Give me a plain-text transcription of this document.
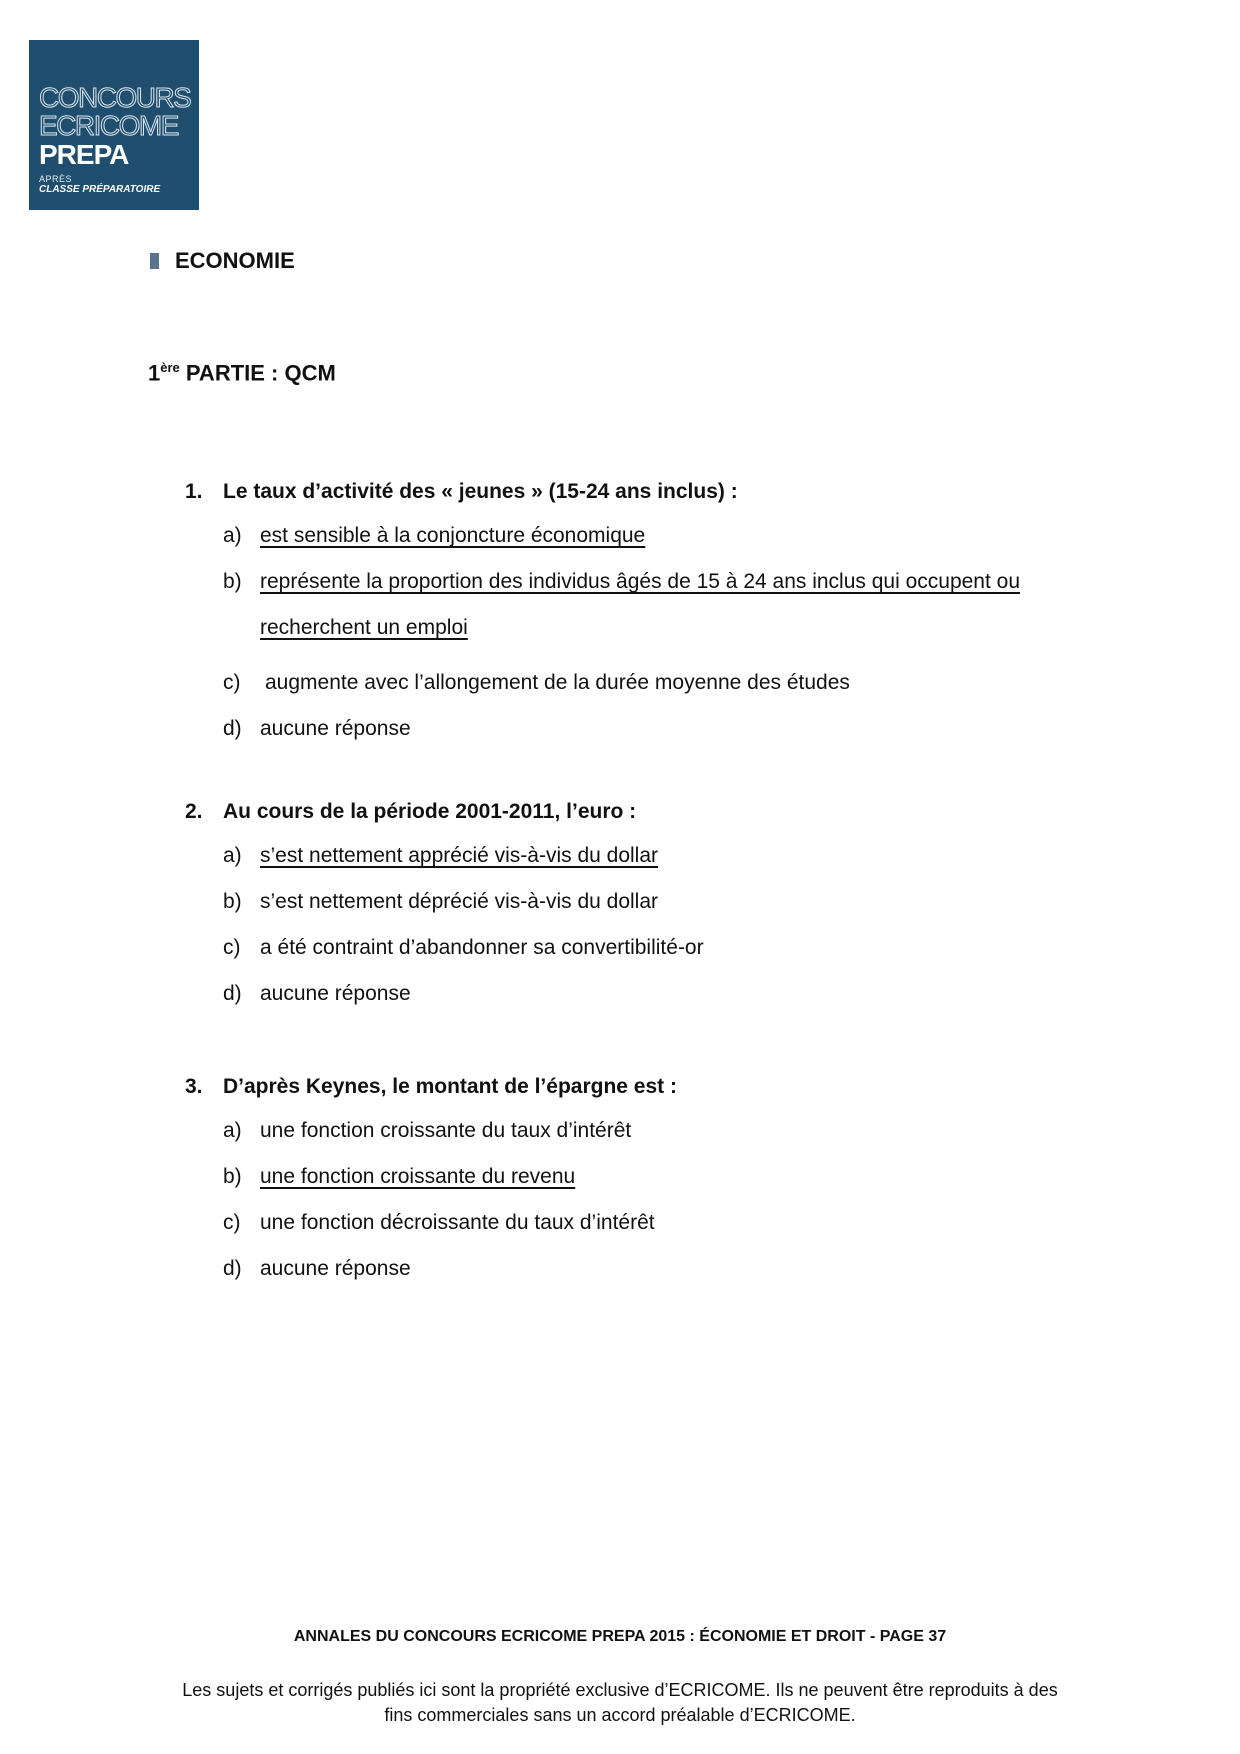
CONCOURS
ECRICOME
PREPA
APRÈS
CLASSE PRÉPARATOIRE
ECONOMIE
1ère PARTIE : QCM
1. Le taux d’activité des « jeunes » (15-24 ans inclus) :
a) est sensible à la conjoncture économique
b) représente la proportion des individus âgés de 15 à 24 ans inclus qui occupent ou recherchent un emploi
c)	augmente avec l’allongement de la durée moyenne des études
d) aucune réponse
2. Au cours de la période 2001-2011, l’euro :
a) s’est nettement apprécié vis-à-vis du dollar
b) s’est nettement déprécié vis-à-vis du dollar
c) a été contraint d’abandonner sa convertibilité-or
d) aucune réponse
3. D’après Keynes, le montant de l’épargne est :
a) une fonction croissante du taux d’intérêt
b) une fonction croissante du revenu
c) une fonction décroissante du taux d’intérêt
d) aucune réponse
ANNALES DU CONCOURS ECRICOME PREPA 2015 : ÉCONOMIE ET DROIT - PAGE 37
Les sujets et corrigés publiés ici sont la propriété exclusive d’ECRICOME. Ils ne peuvent être reproduits à des
fins commerciales sans un accord préalable d’ECRICOME.
